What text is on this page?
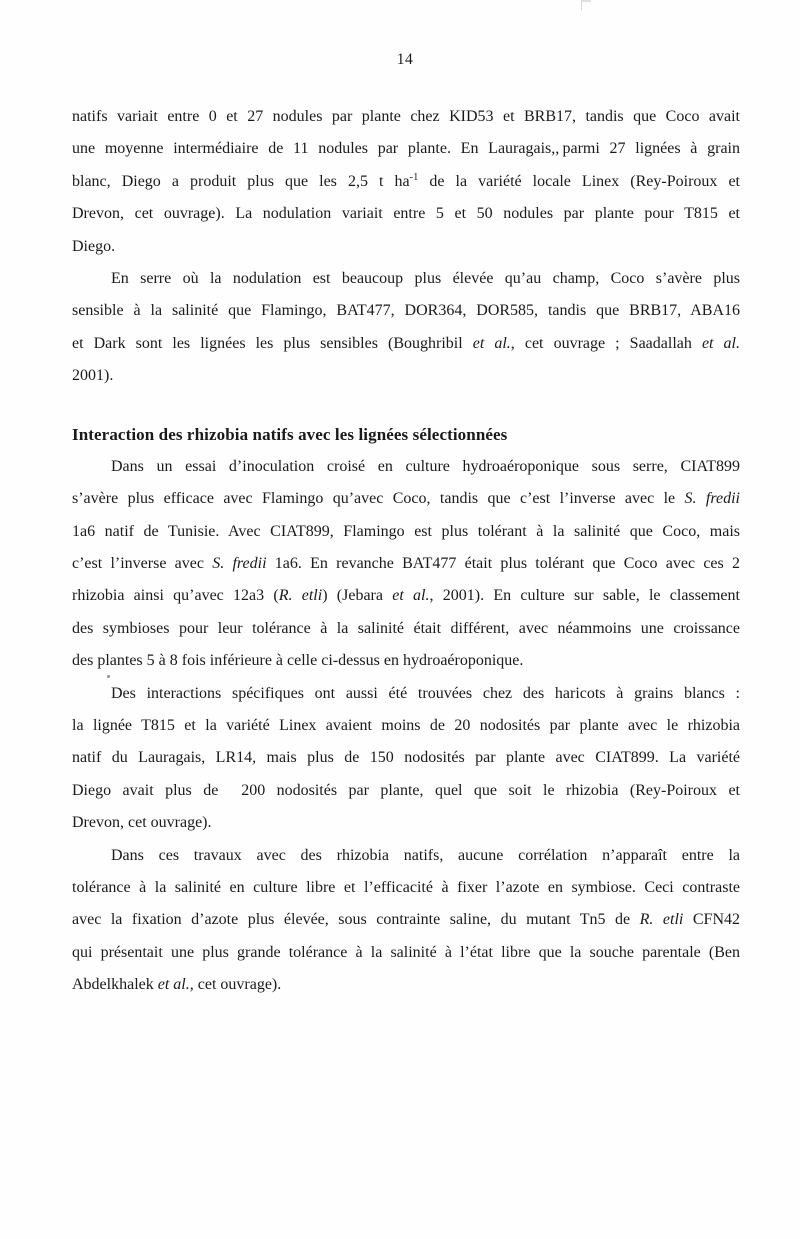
14
natifs variait entre 0 et 27 nodules par plante chez KID53 et BRB17, tandis que Coco avait
une moyenne intermédiaire de 11 nodules par plante. En Lauragais,, parmi 27 lignées à grain
blanc, Diego a produit plus que les 2,5 t $ha^{-1}$ de la variété locale Linex (Rey-Poiroux et
Drevon, cet ouvrage). La nodulation variait entre 5 et 50 nodules par plante pour T815 et
Diego.
En serre où la nodulation est beaucoup plus élevée qu’au champ, Coco s’avère plus
sensible à la salinité que Flamingo, BAT477, DOR364, DOR585, tandis que BRB17, ABA16
et Dark sont les lignées les plus sensibles (Boughribil et al., cet ouvrage ; Saadallah et al.
2001).
Interaction des rhizobia natifs avec les lignées sélectionnées
Dans un essai d’inoculation croisé en culture hydroaéroponique sous serre, CIAT899
s’avère plus efficace avec Flamingo qu’avec Coco, tandis que c’est l’inverse avec le S. fredii
1a6 natif de Tunisie. Avec CIAT899, Flamingo est plus tolérant à la salinité que Coco, mais
c’est l’inverse avec S. fredii 1a6. En revanche BAT477 était plus tolérant que Coco avec ces 2
rhizobia ainsi qu’avec 12a3 (R. etli) (Jebara et al., 2001). En culture sur sable, le classement
des symbioses pour leur tolérance à la salinité était différent, avec néammoins une croissance
des plantes 5 à 8 fois inférieure à celle ci-dessus en hydroaéroponique.
Des interactions spécifiques ont aussi été trouvées chez des haricots à grains blancs :
la lignée T815 et la variété Linex avaient moins de 20 nodosités par plante avec le rhizobia
natif du Lauragais, LR14, mais plus de 150 nodosités par plante avec CIAT899. La variété
Diego avait plus de  200 nodosités par plante, quel que soit le rhizobia (Rey-Poiroux et
Drevon, cet ouvrage).
Dans ces travaux avec des rhizobia natifs, aucune corrélation n’apparaît entre la
tolérance à la salinité en culture libre et l’efficacité à fixer l’azote en symbiose. Ceci contraste
avec la fixation d’azote plus élevée, sous contrainte saline, du mutant Tn5 de R. etli CFN42
qui présentait une plus grande tolérance à la salinité à l’état libre que la souche parentale (Ben
Abdelkhalek et al., cet ouvrage).
